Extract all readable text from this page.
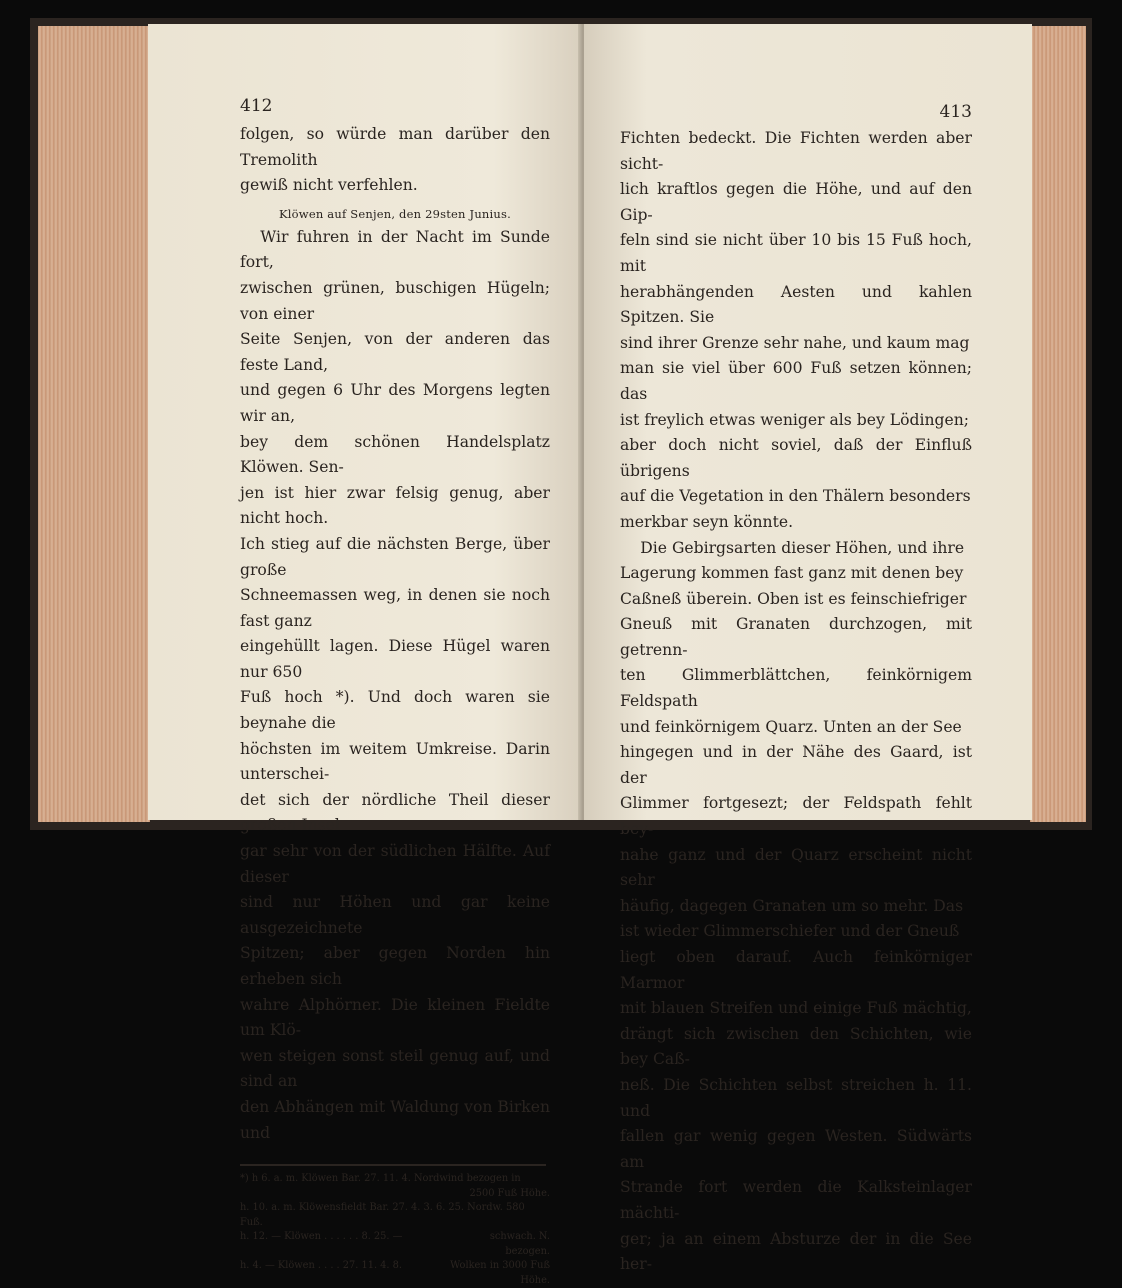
412
folgen, so würde man darüber den Tremolith
gewiß nicht verfehlen.
Klöwen auf Senjen, den 29sten Junius.
Wir fuhren in der Nacht im Sunde fort,
zwischen grünen, buschigen Hügeln; von einer
Seite Senjen, von der anderen das feste Land,
und gegen 6 Uhr des Morgens legten wir an,
bey dem schönen Handelsplatz Klöwen. Sen-
jen ist hier zwar felsig genug, aber nicht hoch.
Ich stieg auf die nächsten Berge, über große
Schneemassen weg, in denen sie noch fast ganz
eingehüllt lagen. Diese Hügel waren nur 650
Fuß hoch *). Und doch waren sie beynahe die
höchsten im weitem Umkreise. Darin unterschei-
det sich der nördliche Theil dieser großen Insel
gar sehr von der südlichen Hälfte. Auf dieser
sind nur Höhen und gar keine ausgezeichnete
Spitzen; aber gegen Norden hin erheben sich
wahre Alphörner. Die kleinen Fieldte um Klö-
wen steigen sonst steil genug auf, und sind an
den Abhängen mit Waldung von Birken und
*) h 6. a. m. Klöwen Bar. 27. 11. 4. Nordwind bezogen in
2500 Fuß Höhe.
h. 10. a. m. Klöwensfieldt Bar. 27. 4. 3. 6. 25. Nordw. 580 Fuß.
h. 12. — Klöwen . . . . . . 8. 25. —	schwach. N.
bezogen.
h. 4. — Klöwen . . . . 27. 11. 4. 8.	Wolken in 3000 Fuß
Höhe.
413
Fichten bedeckt. Die Fichten werden aber sicht-
lich kraftlos gegen die Höhe, und auf den Gip-
feln sind sie nicht über 10 bis 15 Fuß hoch, mit
herabhängenden Aesten und kahlen Spitzen. Sie
sind ihrer Grenze sehr nahe, und kaum mag
man sie viel über 600 Fuß setzen können; das
ist freylich etwas weniger als bey Lödingen;
aber doch nicht soviel, daß der Einfluß übrigens
auf die Vegetation in den Thälern besonders
merkbar seyn könnte.
Die Gebirgsarten dieser Höhen, und ihre
Lagerung kommen fast ganz mit denen bey
Caßneß überein. Oben ist es feinschiefriger
Gneuß mit Granaten durchzogen, mit getrenn-
ten Glimmerblättchen, feinkörnigem Feldspath
und feinkörnigem Quarz. Unten an der See
hingegen und in der Nähe des Gaard, ist der
Glimmer fortgesezt; der Feldspath fehlt bey-
nahe ganz und der Quarz erscheint nicht sehr
häufig, dagegen Granaten um so mehr. Das
ist wieder Glimmerschiefer und der Gneuß
liegt oben darauf. Auch feinkörniger Marmor
mit blauen Streifen und einige Fuß mächtig,
drängt sich zwischen den Schichten, wie bey Caß-
neß. Die Schichten selbst streichen h. 11. und
fallen gar wenig gegen Westen. Südwärts am
Strande fort werden die Kalksteinlager mächti-
ger; ja an einem Absturze der in die See her-
